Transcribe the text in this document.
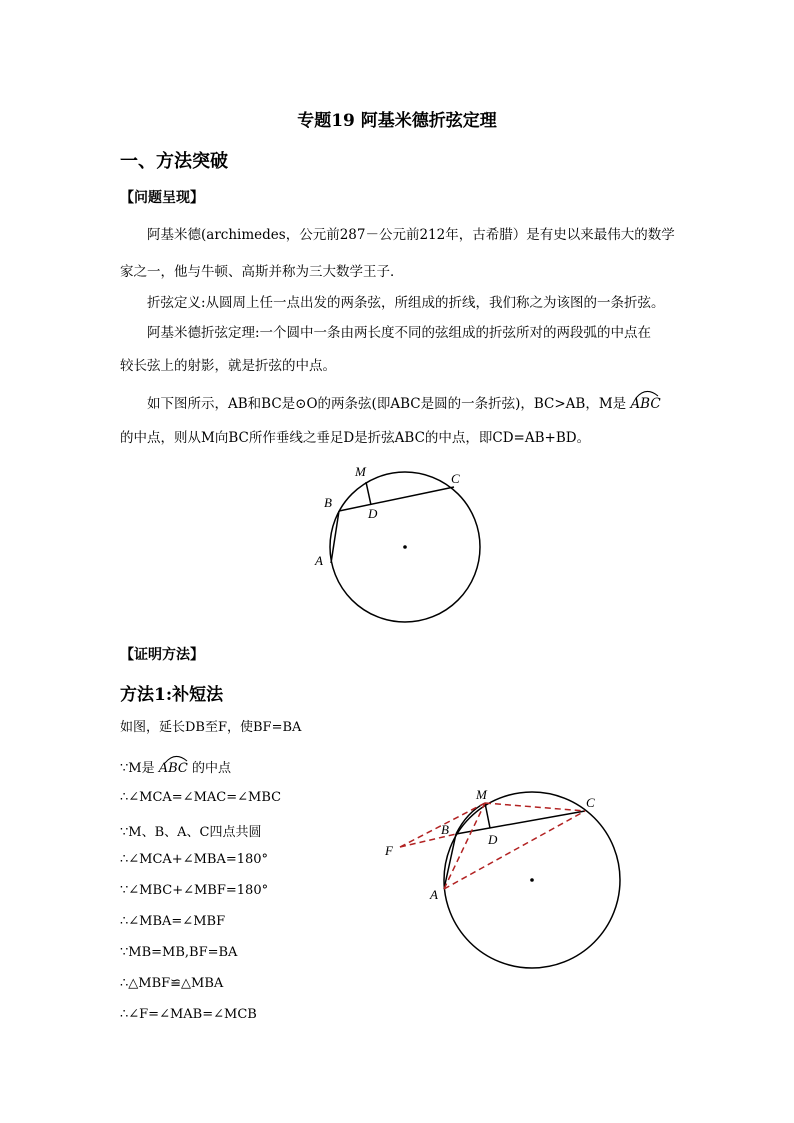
专题19 阿基米德折弦定理
一、方法突破
【问题呈现】
阿基米德(archimedes，公元前287－公元前212年，古希腊）是有史以来最伟大的数学
家之一，他与牛顿、高斯并称为三大数学王子．
折弦定义:从圆周上任一点出发的两条弦，所组成的折线，我们称之为该图的一条折弦。
阿基米德折弦定理:一个圆中一条由两长度不同的弦组成的折弦所对的两段弧的中点在
较长弦上的射影，就是折弦的中点。
如下图所示，AB和BC是⊙O的两条弦(即ABC是圆的一条折弦)，BC>AB，M是 ABC
的中点，则从M向BC所作垂线之垂足D是折弦ABC的中点，即CD=AB+BD。
M	C
B
D
A
【证明方法】
方法1:补短法
如图，延长DB至F，使BF=BA
∵M是 ABC 的中点
∴∠MCA=∠MAC=∠MBC
∵M、B、A、C四点共圆
∴∠MCA+∠MBA=180°
∵∠MBC+∠MBF=180°
∴∠MBA=∠MBF
∵MB=MB,BF=BA
∴△MBF≌△MBA
∴∠F=∠MAB=∠MCB
M
C
B
D
F
A
